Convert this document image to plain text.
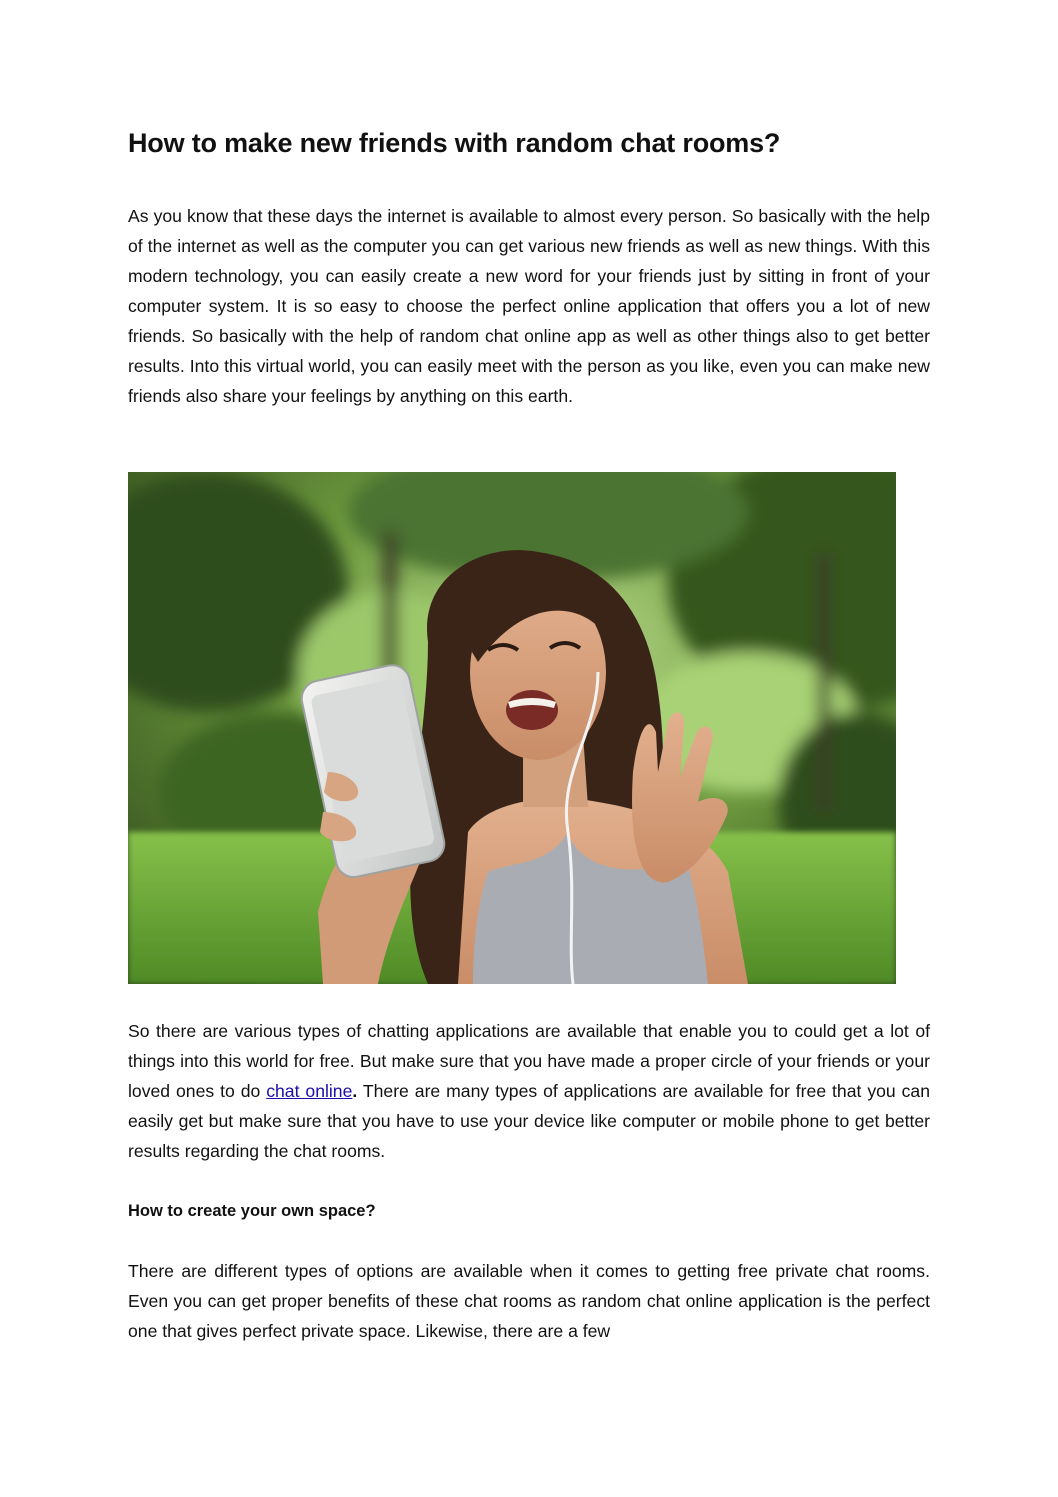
How to make new friends with random chat rooms?

As you know that these days the internet is available to almost every person. So basically with the help of the internet as well as the computer you can get various new friends as well as new things. With this modern technology, you can easily create a new word for your friends just by sitting in front of your computer system. It is so easy to choose the perfect online application that offers you a lot of new friends. So basically with the help of random chat online app as well as other things also to get better results. Into this virtual world, you can easily meet with the person as you like, even you can make new friends also share your feelings by anything on this earth.

So there are various types of chatting applications are available that enable you to could get a lot of things into this world for free. But make sure that you have made a proper circle of your friends or your loved ones to do chat online. There are many types of applications are available for free that you can easily get but make sure that you have to use your device like computer or mobile phone to get better results regarding the chat rooms.

How to create your own space?

There are different types of options are available when it comes to getting free private chat rooms. Even you can get proper benefits of these chat rooms as random chat online application is the perfect one that gives perfect private space. Likewise, there are a few
